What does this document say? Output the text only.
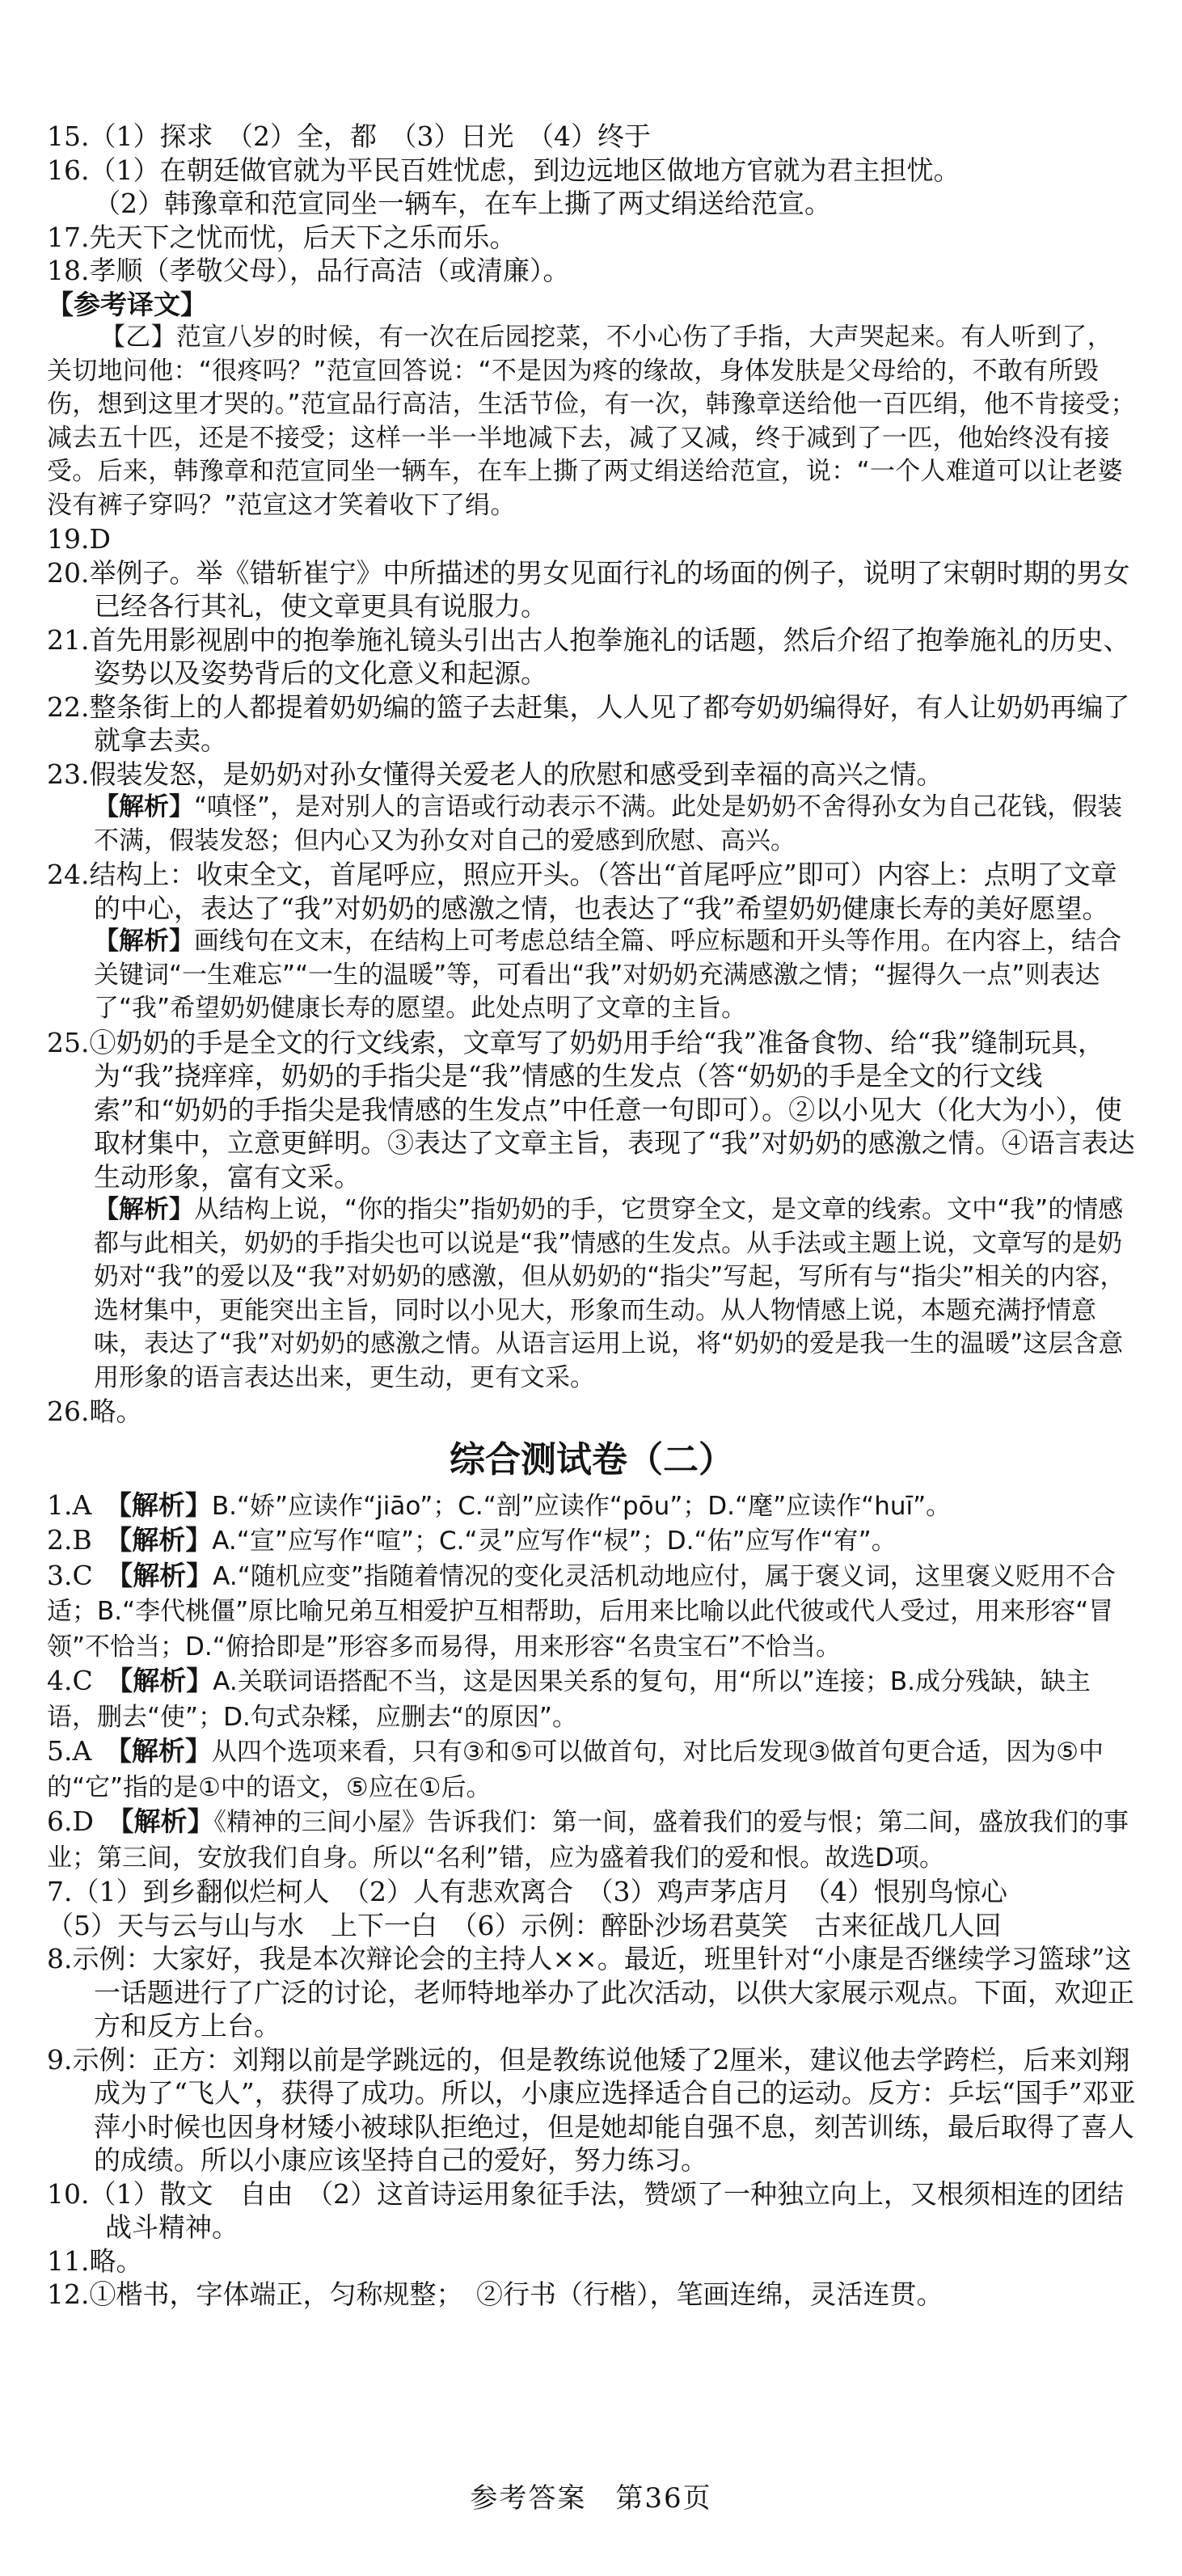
15.（1）探求　（2）全，都　（3）日光　（4）终于

16.（1）在朝廷做官就为平民百姓忧虑，到边远地区做地方官就为君主担忧。

（2）韩豫章和范宣同坐一辆车，在车上撕了两丈绢送给范宣。

17.先天下之忧而忧，后天下之乐而乐。

18.孝顺（孝敬父母），品行高洁（或清廉）。

【参考译文】

【乙】范宣八岁的时候，有一次在后园挖菜，不小心伤了手指，大声哭起来。有人听到了，关切地问他：“很疼吗？”范宣回答说：“不是因为疼的缘故，身体发肤是父母给的，不敢有所毁伤，想到这里才哭的。”范宣品行高洁，生活节俭，有一次，韩豫章送给他一百匹绢，他不肯接受；减去五十匹，还是不接受；这样一半一半地减下去，减了又减，终于减到了一匹，他始终没有接受。后来，韩豫章和范宣同坐一辆车，在车上撕了两丈绢送给范宣，说：“一个人难道可以让老婆没有裤子穿吗？”范宣这才笑着收下了绢。

19.D

20.举例子。举《错斩崔宁》中所描述的男女见面行礼的场面的例子，说明了宋朝时期的男女已经各行其礼，使文章更具有说服力。

21.首先用影视剧中的抱拳施礼镜头引出古人抱拳施礼的话题，然后介绍了抱拳施礼的历史、姿势以及姿势背后的文化意义和起源。

22.整条街上的人都提着奶奶编的篮子去赶集，人人见了都夸奶奶编得好，有人让奶奶再编了就拿去卖。

23.假装发怒，是奶奶对孙女懂得关爱老人的欣慰和感受到幸福的高兴之情。

【解析】“嗔怪”，是对别人的言语或行动表示不满。此处是奶奶不舍得孙女为自己花钱，假装不满，假装发怒；但内心又为孙女对自己的爱感到欣慰、高兴。

24.结构上：收束全文，首尾呼应，照应开头。（答出“首尾呼应”即可）内容上：点明了文章的中心，表达了“我”对奶奶的感激之情，也表达了“我”希望奶奶健康长寿的美好愿望。

【解析】画线句在文末，在结构上可考虑总结全篇、呼应标题和开头等作用。在内容上，结合关键词“一生难忘”“一生的温暖”等，可看出“我”对奶奶充满感激之情；“握得久一点”则表达了“我”希望奶奶健康长寿的愿望。此处点明了文章的主旨。

25.①奶奶的手是全文的行文线索，文章写了奶奶用手给“我”准备食物、给“我”缝制玩具，为“我”挠痒痒，奶奶的手指尖是“我”情感的生发点（答“奶奶的手是全文的行文线索”和“奶奶的手指尖是我情感的生发点”中任意一句即可）。②以小见大（化大为小），使取材集中，立意更鲜明。③表达了文章主旨，表现了“我”对奶奶的感激之情。④语言表达生动形象，富有文采。

【解析】从结构上说，“你的指尖”指奶奶的手，它贯穿全文，是文章的线索。文中“我”的情感都与此相关，奶奶的手指尖也可以说是“我”情感的生发点。从手法或主题上说，文章写的是奶奶对“我”的爱以及“我”对奶奶的感激，但从奶奶的“指尖”写起，写所有与“指尖”相关的内容，选材集中，更能突出主旨，同时以小见大，形象而生动。从人物情感上说，本题充满抒情意味，表达了“我”对奶奶的感激之情。从语言运用上说，将“奶奶的爱是我一生的温暖”这层含意用形象的语言表达出来，更生动，更有文采。

26.略。

综合测试卷（二）

1.A　 【解析】B.“娇”应读作“jiāo”；C.“剖”应读作“pōu”；D.“麾”应读作“huī”。

2.B　 【解析】A.“宣”应写作“喧”；C.“灵”应写作“棂”；D.“佑”应写作“宥”。

3.C　 【解析】A.“随机应变”指随着情况的变化灵活机动地应付，属于褒义词，这里褒义贬用不合适；B.“李代桃僵”原比喻兄弟互相爱护互相帮助，后用来比喻以此代彼或代人受过，用来形容“冒领”不恰当；D.“俯拾即是”形容多而易得，用来形容“名贵宝石”不恰当。

4.C　 【解析】A.关联词语搭配不当，这是因果关系的复句，用“所以”连接；B.成分残缺，缺主语，删去“使”；D.句式杂糅，应删去“的原因”。

5.A　 【解析】从四个选项来看，只有③和⑤可以做首句，对比后发现③做首句更合适，因为⑤中的“它”指的是①中的语文，⑤应在①后。

6.D　 【解析】《精神的三间小屋》告诉我们：第一间，盛着我们的爱与恨；第二间，盛放我们的事业；第三间，安放我们自身。所以“名利”错，应为盛着我们的爱和恨。故选D项。

7.（1）到乡翻似烂柯人　（2）人有悲欢离合　（3）鸡声茅店月　（4）恨别鸟惊心

（5）天与云与山与水　上下一白　（6）示例：醉卧沙场君莫笑　古来征战几人回

8.示例：大家好，我是本次辩论会的主持人××。最近，班里针对“小康是否继续学习篮球”这一话题进行了广泛的讨论，老师特地举办了此次活动，以供大家展示观点。下面，欢迎正方和反方上台。

9.示例：正方：刘翔以前是学跳远的，但是教练说他矮了2厘米，建议他去学跨栏，后来刘翔成为了“飞人”，获得了成功。所以，小康应选择适合自己的运动。反方：乒坛“国手”邓亚萍小时候也因身材矮小被球队拒绝过，但是她却能自强不息，刻苦训练，最后取得了喜人的成绩。所以小康应该坚持自己的爱好，努力练习。

10.（1）散文　自由　（2）这首诗运用象征手法，赞颂了一种独立向上，又根须相连的团结战斗精神。

11.略。

12.①楷书，字体端正，匀称规整；　②行书（行楷），笔画连绵，灵活连贯。

参考答案　第36页
